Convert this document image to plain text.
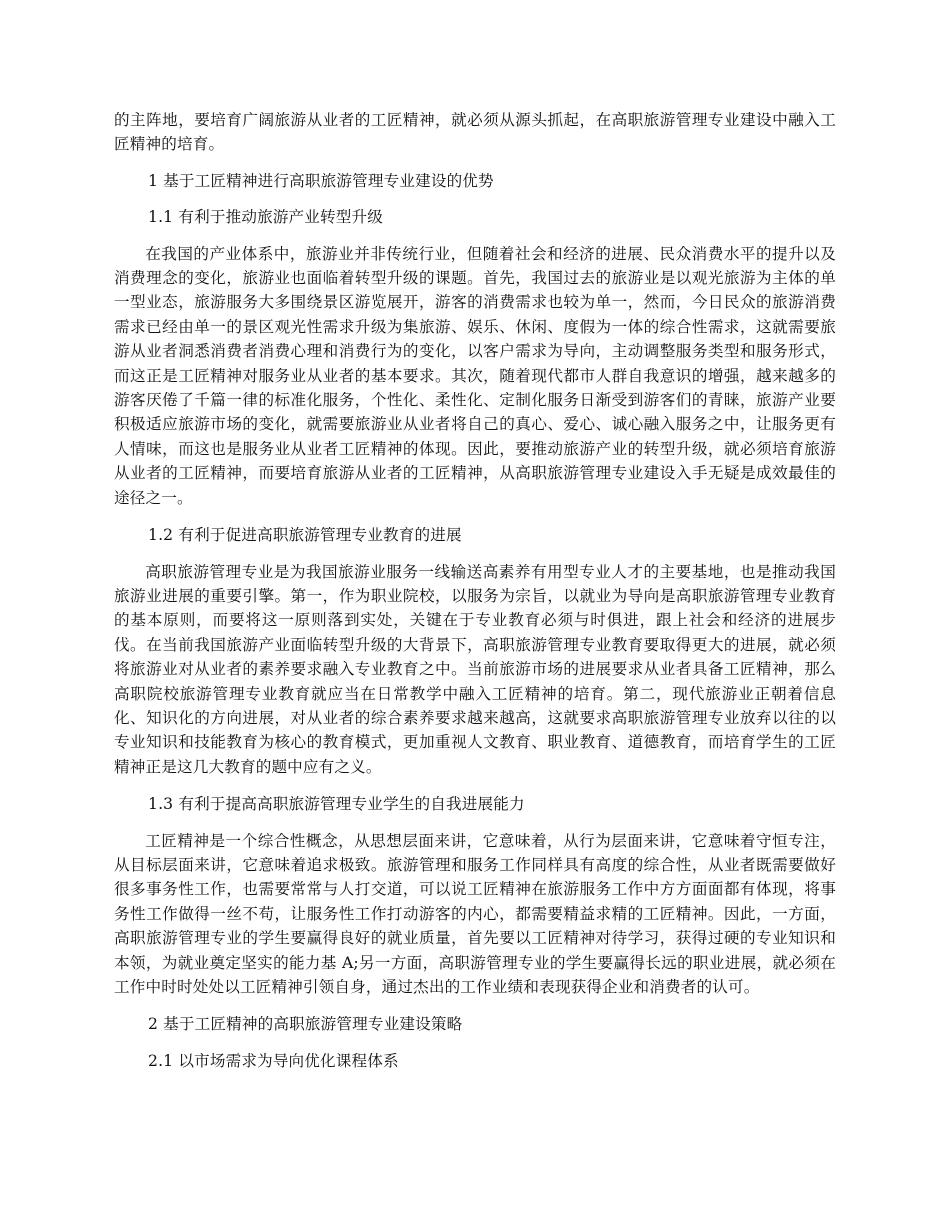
的主阵地，要培育广阔旅游从业者的工匠精神，就必须从源头抓起，在高职旅游管理专业建设中融入工匠精神的培育。

1 基于工匠精神进行高职旅游管理专业建设的优势

1.1 有利于推动旅游产业转型升级

在我国的产业体系中，旅游业并非传统行业，但随着社会和经济的进展、民众消费水平的提升以及消费理念的变化，旅游业也面临着转型升级的课题。首先，我国过去的旅游业是以观光旅游为主体的单一型业态，旅游服务大多围绕景区游览展开，游客的消费需求也较为单一，然而，今日民众的旅游消费需求已经由单一的景区观光性需求升级为集旅游、娱乐、休闲、度假为一体的综合性需求，这就需要旅游从业者洞悉消费者消费心理和消费行为的变化，以客户需求为导向，主动调整服务类型和服务形式，而这正是工匠精神对服务业从业者的基本要求。其次，随着现代都市人群自我意识的增强，越来越多的游客厌倦了千篇一律的标准化服务，个性化、柔性化、定制化服务日渐受到游客们的青睐，旅游产业要积极适应旅游市场的变化，就需要旅游业从业者将自己的真心、爱心、诚心融入服务之中，让服务更有人情味，而这也是服务业从业者工匠精神的体现。因此，要推动旅游产业的转型升级，就必须培育旅游从业者的工匠精神，而要培育旅游从业者的工匠精神，从高职旅游管理专业建设入手无疑是成效最佳的途径之一。

1.2 有利于促进高职旅游管理专业教育的进展

高职旅游管理专业是为我国旅游业服务一线输送高素养有用型专业人才的主要基地，也是推动我国旅游业进展的重要引擎。第一，作为职业院校，以服务为宗旨，以就业为导向是高职旅游管理专业教育的基本原则，而要将这一原则落到实处，关键在于专业教育必须与时俱进，跟上社会和经济的进展步伐。在当前我国旅游产业面临转型升级的大背景下，高职旅游管理专业教育要取得更大的进展，就必须将旅游业对从业者的素养要求融入专业教育之中。当前旅游市场的进展要求从业者具备工匠精神，那么高职院校旅游管理专业教育就应当在日常教学中融入工匠精神的培育。第二，现代旅游业正朝着信息化、知识化的方向进展，对从业者的综合素养要求越来越高，这就要求高职旅游管理专业放弃以往的以专业知识和技能教育为核心的教育模式，更加重视人文教育、职业教育、道德教育，而培育学生的工匠精神正是这几大教育的题中应有之义。

1.3 有利于提高高职旅游管理专业学生的自我进展能力

工匠精神是一个综合性概念，从思想层面来讲，它意味着，从行为层面来讲，它意味着守恒专注，从目标层面来讲，它意味着追求极致。旅游管理和服务工作同样具有高度的综合性，从业者既需要做好很多事务性工作，也需要常常与人打交道，可以说工匠精神在旅游服务工作中方方面面都有体现，将事务性工作做得一丝不苟，让服务性工作打动游客的内心，都需要精益求精的工匠精神。因此，一方面，高职旅游管理专业的学生要赢得良好的就业质量，首先要以工匠精神对待学习，获得过硬的专业知识和本领，为就业奠定坚实的能力基 A;另一方面，高职游管理专业的学生要赢得长远的职业进展，就必须在工作中时时处处以工匠精神引领自身，通过杰出的工作业绩和表现获得企业和消费者的认可。

2 基于工匠精神的高职旅游管理专业建设策略

2.1 以市场需求为导向优化课程体系
